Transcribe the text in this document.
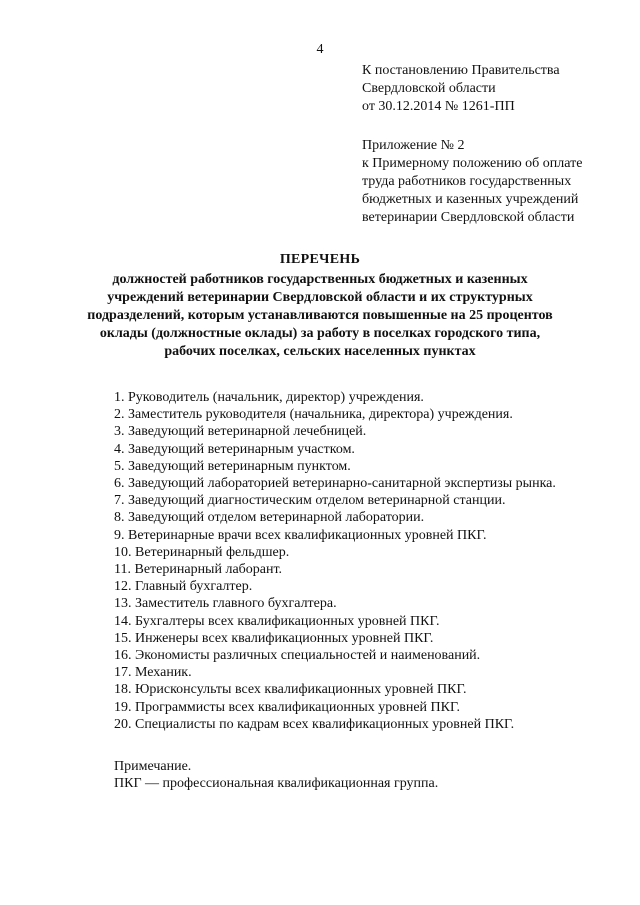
4
К постановлению Правительства
Свердловской области
от 30.12.2014 № 1261-ПП
Приложение № 2
к Примерному положению об оплате
труда работников государственных
бюджетных и казенных учреждений
ветеринарии Свердловской области
ПЕРЕЧЕНЬ
должностей работников государственных бюджетных и казенных
учреждений ветеринарии Свердловской области и их структурных
подразделений, которым устанавливаются повышенные на 25 процентов
оклады (должностные оклады) за работу в поселках городского типа,
рабочих поселках, сельских населенных пунктах
1. Руководитель (начальник, директор) учреждения.
2. Заместитель руководителя (начальника, директора) учреждения.
3. Заведующий ветеринарной лечебницей.
4. Заведующий ветеринарным участком.
5. Заведующий ветеринарным пунктом.
6. Заведующий лабораторией ветеринарно-санитарной экспертизы рынка.
7. Заведующий диагностическим отделом ветеринарной станции.
8. Заведующий отделом ветеринарной лаборатории.
9. Ветеринарные врачи всех квалификационных уровней ПКГ.
10. Ветеринарный фельдшер.
11. Ветеринарный лаборант.
12. Главный бухгалтер.
13. Заместитель главного бухгалтера.
14. Бухгалтеры всех квалификационных уровней ПКГ.
15. Инженеры всех квалификационных уровней ПКГ.
16. Экономисты различных специальностей и наименований.
17. Механик.
18. Юрисконсульты всех квалификационных уровней ПКГ.
19. Программисты всех квалификационных уровней ПКГ.
20. Специалисты по кадрам всех квалификационных уровней ПКГ.
Примечание.
ПКГ — профессиональная квалификационная группа.
